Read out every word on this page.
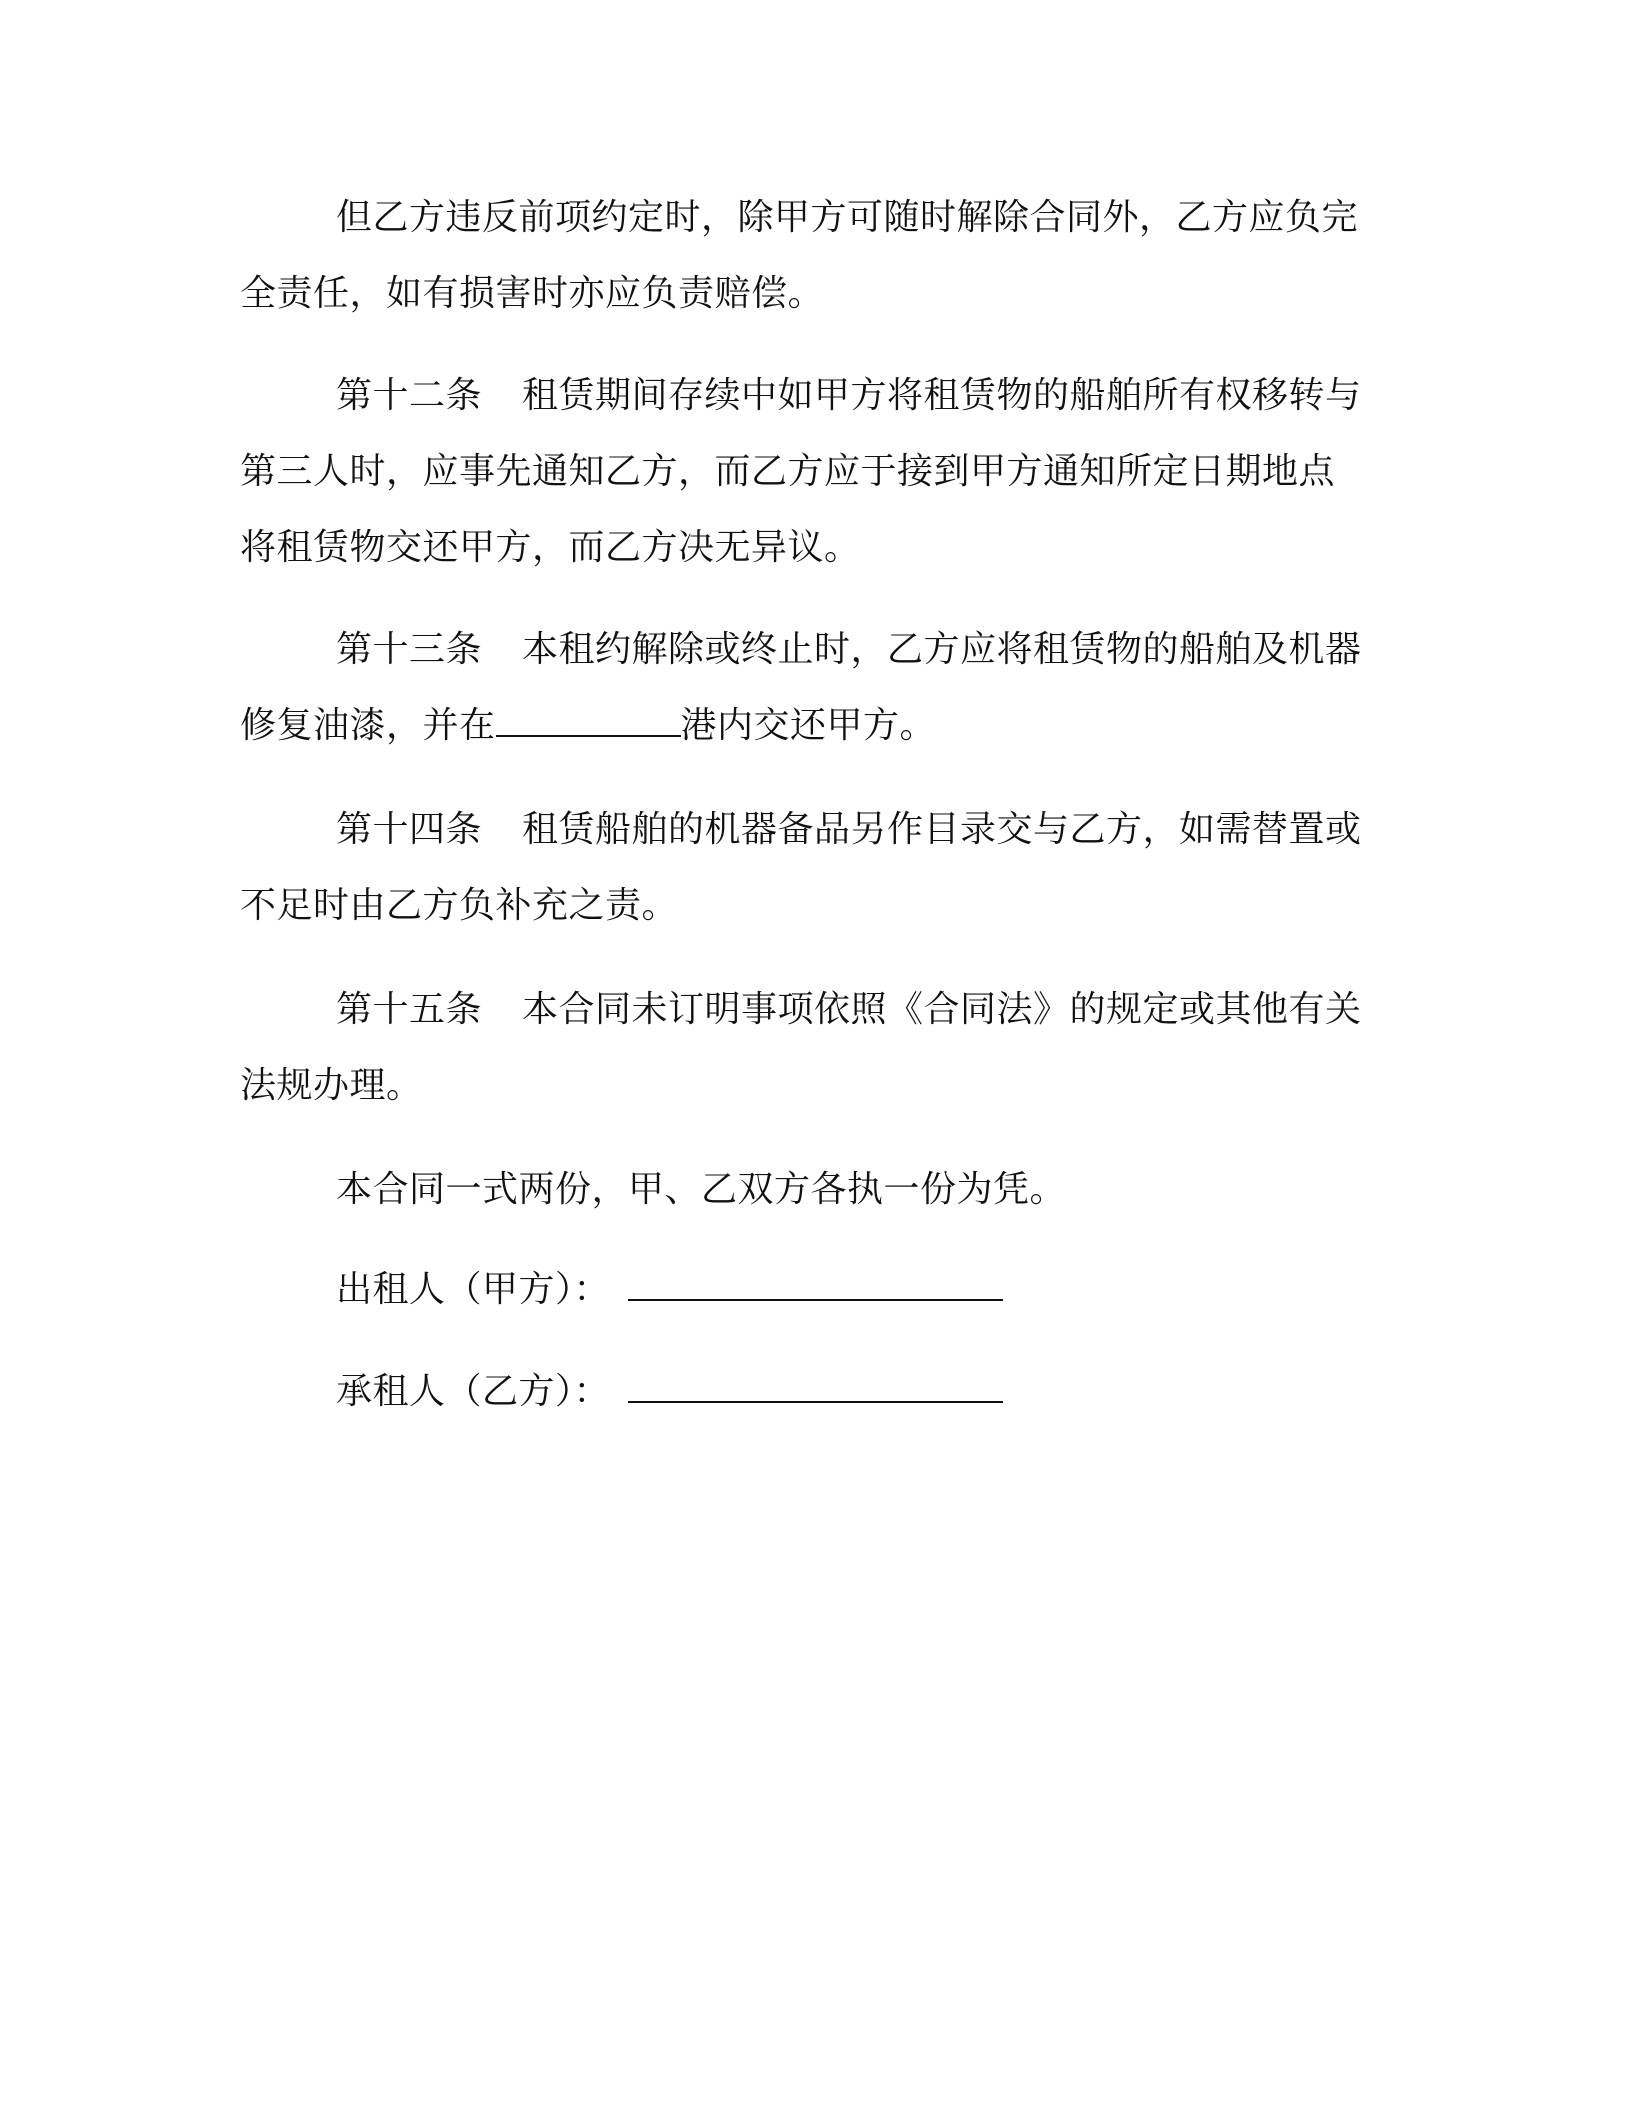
但乙方违反前项约定时，除甲方可随时解除合同外，乙方应负完
全责任，如有损害时亦应负责赔偿。
第十二条 租赁期间存续中如甲方将租赁物的船舶所有权移转与
第三人时，应事先通知乙方，而乙方应于接到甲方通知所定日期地点
将租赁物交还甲方，而乙方决无异议。
第十三条 本租约解除或终止时，乙方应将租赁物的船舶及机器
修复油漆，并在	港内交还甲方。
第十四条 租赁船舶的机器备品另作目录交与乙方，如需替置或
不足时由乙方负补充之责。
第十五条 本合同未订明事项依照《合同法》的规定或其他有关
法规办理。
本合同一式两份，甲、乙双方各执一份为凭。
出租人（甲方）：
承租人（乙方）：
